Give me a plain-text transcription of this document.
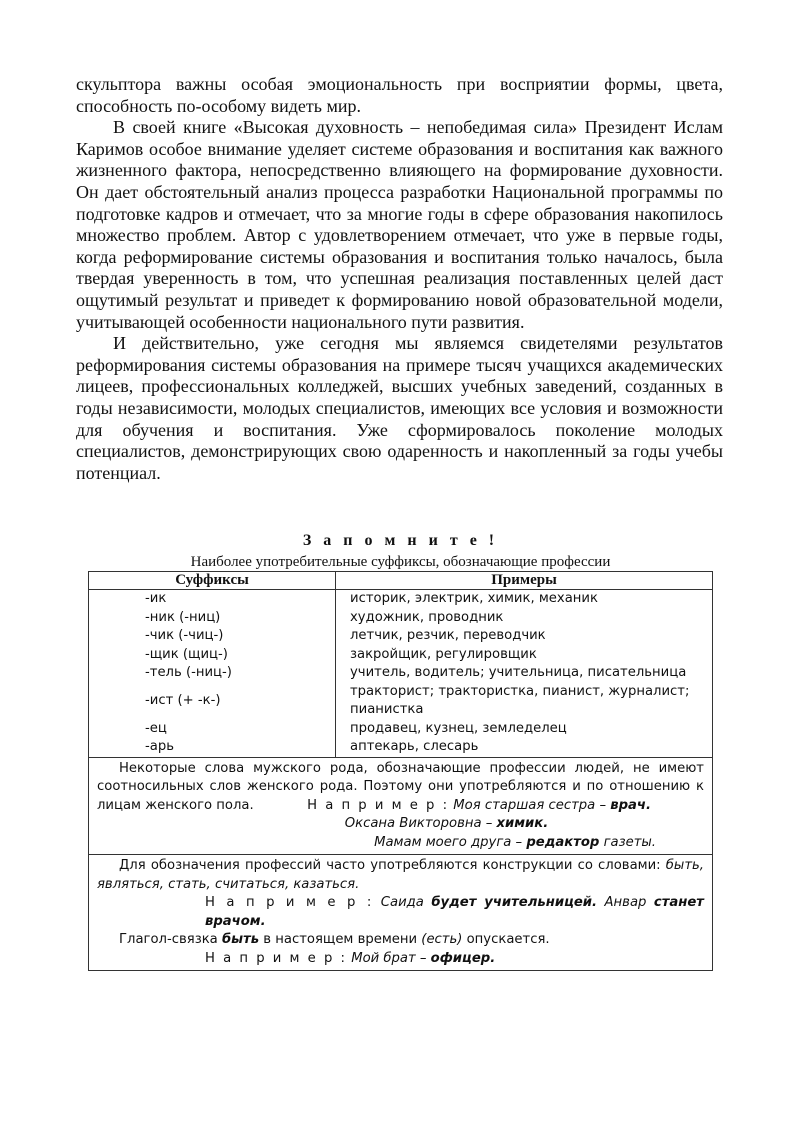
скульптора важны особая эмоциональность при восприятии формы, цвета, способность по-особому видеть мир.

В своей книге «Высокая духовность – непобедимая сила» Президент Ислам Каримов особое внимание уделяет системе образования и воспитания как важного жизненного фактора, непосредственно влияющего на формирование духовности. Он дает обстоятельный анализ процесса разработки Национальной программы по подготовке кадров и отмечает, что за многие годы в сфере образования накопилось множество проблем. Автор с удовлетворением отмечает, что уже в первые годы, когда реформирование системы образования и воспитания только началось, была твердая уверенность в том, что успешная реализация поставленных целей даст ощутимый результат и приведет к формированию новой образовательной модели, учитывающей особенности национального пути развития.

И действительно, уже сегодня мы являемся свидетелями результатов реформирования системы образования на примере тысяч учащихся академических лицеев, профессиональных колледжей, высших учебных заведений, созданных в годы независимости, молодых специалистов, имеющих все условия и возможности для обучения и воспитания. Уже сформировалось поколение молодых специалистов, демонстрирующих свою одаренность и накопленный за годы учебы потенциал.

З а п о м н и т е !
Наиболее употребительные суффиксы, обозначающие профессии
Суффиксы	Примеры
-ик	историк, электрик, химик, механик
-ник (-ниц)	художник, проводник
-чик (-чиц-)	летчик, резчик, переводчик
-щик (щиц-)	закройщик, регулировщик
-тель (-ниц-)	учитель, водитель; учительница, писательница
-ист (+ -к-)	тракторист; трактористка, пианист, журналист; пианистка
-ец	продавец, кузнец, земледелец
-арь	аптекарь, слесарь

Некоторые слова мужского рода, обозначающие профессии людей, не имеют соотносильных слов женского рода. Поэтому они употребляются и по отношению к лицам женского пола.	Н а п р и м е р : Моя старшая сестра – врач.

Оксана Викторовна – химик.

Мамам моего друга – редактор газеты.

Для обозначения профессий часто употребляются конструкции со словами: быть, являться, стать, считаться, казаться.

Н а п р и м е р : Саида будет учительницей. Анвар станет врачом.

Глагол-связка быть в настоящем времени (есть) опускается.

Н а п р и м е р : Мой брат – офицер.
